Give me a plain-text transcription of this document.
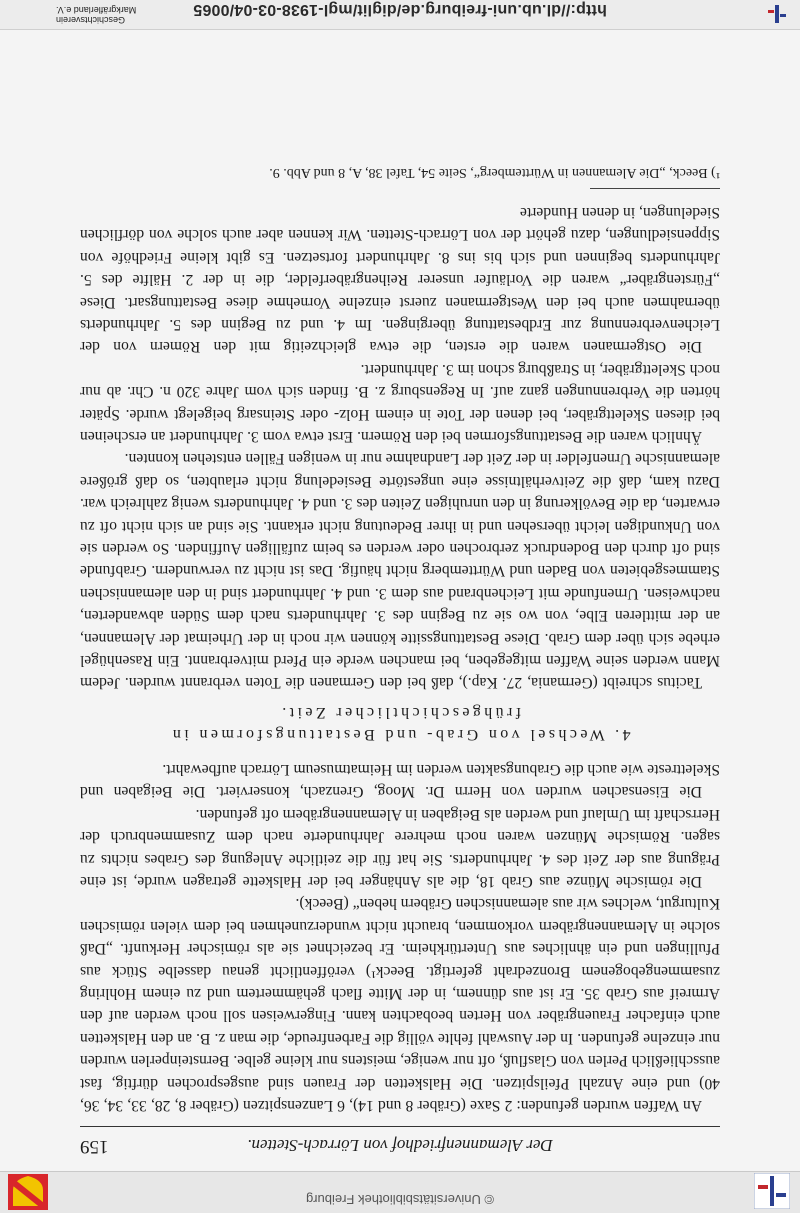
© Universitätsbibliothek Freiburg
Der Alemannenfriedhof von Lörrach-Stetten.
159

An Waffen wurden gefunden: 2 Saxe (Gräber 8 und 14), 6 Lanzenspitzen (Gräber 8, 28, 33, 34, 36, 40) und eine Anzahl Pfeilspitzen. Die Halsketten der Frauen sind ausgesprochen dürftig, fast ausschließlich Perlen von Glasfluß, oft nur wenige, meistens nur kleine gelbe. Bernsteinperlen wurden nur einzelne gefunden. In der Auswahl fehlte völlig die Farbenfreude, die man z. B. an den Halsketten auch einfacher Frauengräber von Herten beobachten kann. Fingerweisen soll noch werden auf den Armreif aus Grab 35. Er ist aus dünnem, in der Mitte flach gehämmertem und zu einem Hohlring zusammengebogenem Bronzedraht gefertigt. Beeck¹) veröffentlicht genau dasselbe Stück aus Pfullingen und ein ähnliches aus Untertürkheim. Er bezeichnet sie als römischer Herkunft. „Daß solche in Alemannengräbern vorkommen, braucht nicht wunderzunehmen bei dem vielen römischen Kulturgut, welches wir aus alemannischen Gräbern heben“ (Beeck).

Die römische Münze aus Grab 18, die als Anhänger bei der Halskette getragen wurde, ist eine Prägung aus der Zeit des 4. Jahrhunderts. Sie hat für die zeitliche Anlegung des Grabes nichts zu sagen. Römische Münzen waren noch mehrere Jahrhunderte nach dem Zusammenbruch der Herrschaft im Umlauf und werden als Beigaben in Alemannengräbern oft gefunden.

Die Eisensachen wurden von Herrn Dr. Moog, Grenzach, konserviert. Die Beigaben und Skelettreste wie auch die Grabungsakten werden im Heimatmuseum Lörrach aufbewahrt.

4. Wechsel von Grab- und Bestattungsformen in frühgeschichtlicher Zeit.

Tacitus schreibt (Germania, 27. Kap.), daß bei den Germanen die Toten verbrannt wurden. Jedem Mann werden seine Waffen mitgegeben, bei manchen werde ein Pferd mitverbrannt. Ein Rasenhügel erhebe sich über dem Grab. Diese Bestattungssitte können wir noch in der Urheimat der Alemannen, an der mittleren Elbe, von wo sie zu Beginn des 3. Jahrhunderts nach dem Süden abwanderten, nachweisen. Urnenfunde mit Leichenbrand aus dem 3. und 4. Jahrhundert sind in den alemannischen Stammesgebieten von Baden und Württemberg nicht häufig. Das ist nicht zu verwundern. Grabfunde sind oft durch den Bodendruck zerbrochen oder werden es beim zufälligen Auffinden. So werden sie von Unkundigen leicht übersehen und in ihrer Bedeutung nicht erkannt. Sie sind an sich nicht oft zu erwarten, da die Bevölkerung in den unruhigen Zeiten des 3. und 4. Jahrhunderts wenig zahlreich war. Dazu kam, daß die Zeitverhältnisse eine ungestörte Besiedelung nicht erlaubten, so daß größere alemannische Urnenfelder in der Zeit der Landnahme nur in wenigen Fällen entstehen konnten.

Ähnlich waren die Bestattungsformen bei den Römern. Erst etwa vom 3. Jahrhundert an erscheinen bei diesen Skelettgräber, bei denen der Tote in einem Holz- oder Steinsarg beigelegt wurde. Später hörten die Verbrennungen ganz auf. In Regensburg z. B. finden sich vom Jahre 320 n. Chr. ab nur noch Skelettgräber, in Straßburg schon im 3. Jahrhundert.

Die Ostgermanen waren die ersten, die etwa gleichzeitig mit den Römern von der Leichenverbrennung zur Erdbestattung übergingen. Im 4. und zu Beginn des 5. Jahrhunderts übernahmen auch bei den Westgermanen zuerst einzelne Vornehme diese Bestattungsart. Diese „Fürstengräber“ waren die Vorläufer unserer Reihengräberfelder, die in der 2. Hälfte des 5. Jahrhunderts beginnen und sich bis ins 8. Jahrhundert fortsetzen. Es gibt kleine Friedhöfe von Sippensiedlungen, dazu gehört der von Lörrach-Stetten. Wir kennen aber auch solche von dörflichen Siedelungen, in denen Hunderte

¹) Beeck, „Die Alemannen in Württemberg“, Seite 54, Tafel 38, A, 8 und Abb. 9.
http://dl.ub.uni-freiburg.de/diglit/mgl-1938-03-04/0065
Geschichtsverein
Markgräflerland e.V.
